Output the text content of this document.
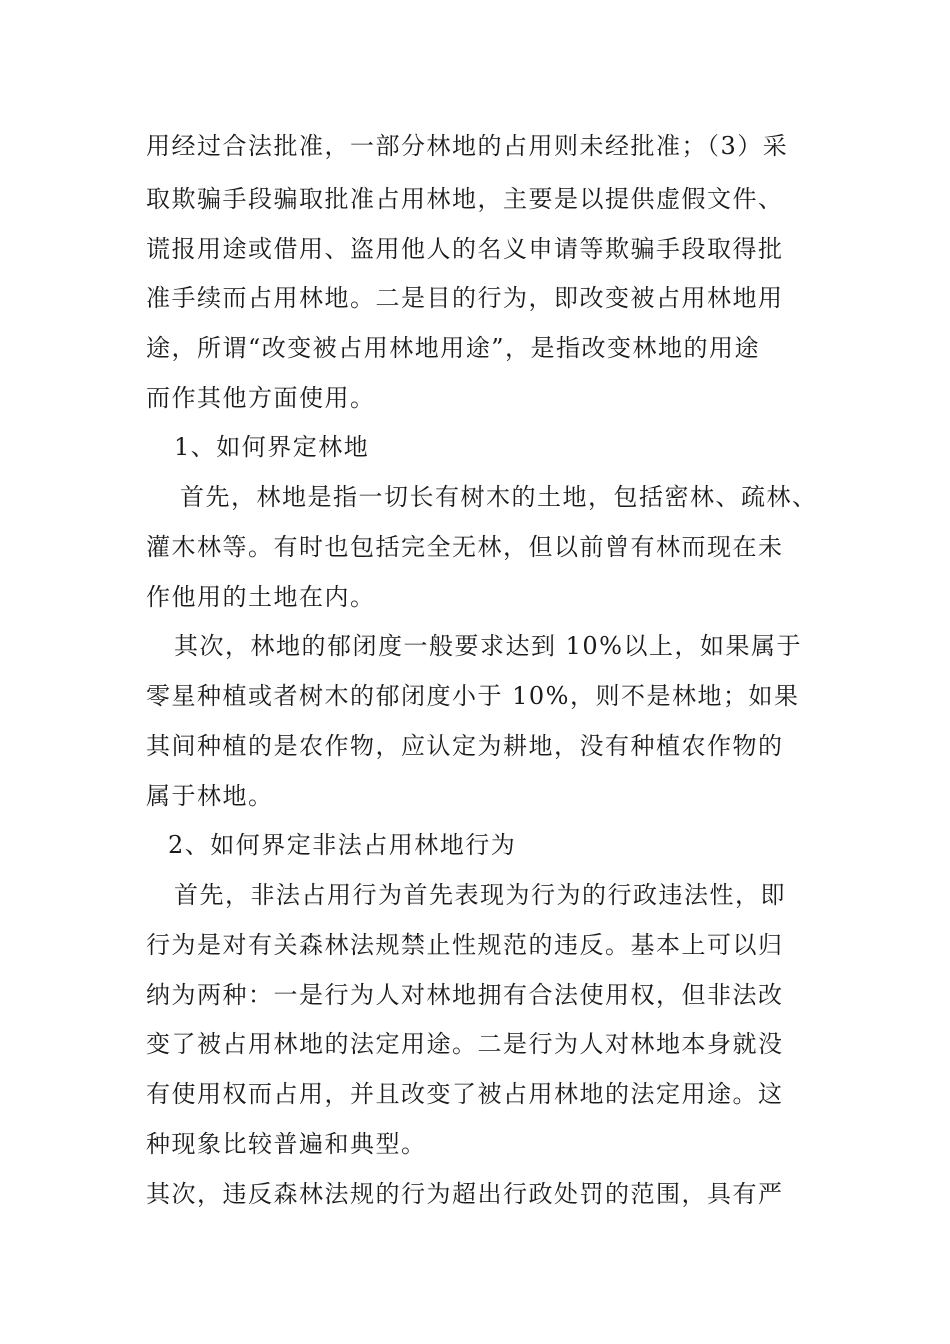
用经过合法批准，一部分林地的占用则未经批准；（3）采
取欺骗手段骗取批准占用林地，主要是以提供虚假文件、
谎报用途或借用、盗用他人的名义申请等欺骗手段取得批
准手续而占用林地。二是目的行为，即改变被占用林地用
途，所谓“改变被占用林地用途”，是指改变林地的用途
而作其他方面使用。
1、如何界定林地
首先，林地是指一切长有树木的土地，包括密林、疏林、
灌木林等。有时也包括完全无林，但以前曾有林而现在未
作他用的土地在内。
其次，林地的郁闭度一般要求达到 10%以上，如果属于
零星种植或者树木的郁闭度小于 10%，则不是林地；如果
其间种植的是农作物，应认定为耕地，没有种植农作物的
属于林地。
2、如何界定非法占用林地行为
首先，非法占用行为首先表现为行为的行政违法性，即
行为是对有关森林法规禁止性规范的违反。基本上可以归
纳为两种：一是行为人对林地拥有合法使用权，但非法改
变了被占用林地的法定用途。二是行为人对林地本身就没
有使用权而占用，并且改变了被占用林地的法定用途。这
种现象比较普遍和典型。
其次，违反森林法规的行为超出行政处罚的范围，具有严
